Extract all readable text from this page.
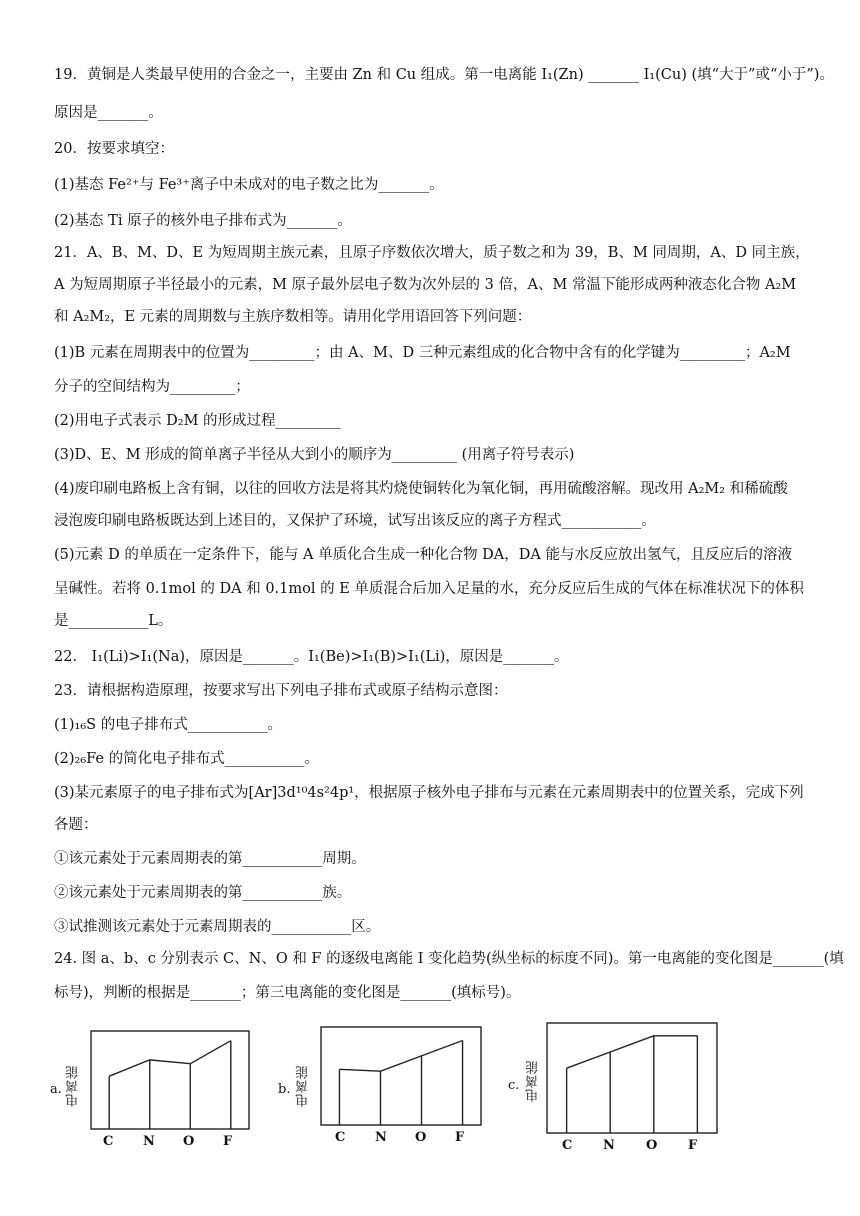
19．黄铜是人类最早使用的合金之一，主要由 Zn 和 Cu 组成。第一电离能 I₁(Zn) _______ I₁(Cu) (填“大于”或“小于”)。
原因是_______。
20．按要求填空：
(1)基态 Fe²⁺与 Fe³⁺离子中未成对的电子数之比为_______。
(2)基态 Ti 原子的核外电子排布式为_______。
21．A、B、M、D、E 为短周期主族元素，且原子序数依次增大，质子数之和为 39，B、M 同周期，A、D 同主族，
A 为短周期原子半径最小的元素，M 原子最外层电子数为次外层的 3 倍，A、M 常温下能形成两种液态化合物 A₂M
和 A₂M₂，E 元素的周期数与主族序数相等。请用化学用语回答下列问题：
(1)B 元素在周期表中的位置为_________；由 A、M、D 三种元素组成的化合物中含有的化学键为_________；A₂M
分子的空间结构为_________；
(2)用电子式表示 D₂M 的形成过程_________
(3)D、E、M 形成的简单离子半径从大到小的顺序为_________ (用离子符号表示)
(4)废印刷电路板上含有铜，以往的回收方法是将其灼烧使铜转化为氧化铜，再用硫酸溶解。现改用 A₂M₂ 和稀硫酸
浸泡废印刷电路板既达到上述目的，又保护了环境，试写出该反应的离子方程式___________。
(5)元素 D 的单质在一定条件下，能与 A 单质化合生成一种化合物 DA，DA 能与水反应放出氢气，且反应后的溶液
呈碱性。若将 0.1mol 的 DA 和 0.1mol 的 E 单质混合后加入足量的水，充分反应后生成的气体在标准状况下的体积
是___________L。
22． I₁(Li)>I₁(Na)，原因是_______。I₁(Be)>I₁(B)>I₁(Li)，原因是_______。
23．请根据构造原理，按要求写出下列电子排布式或原子结构示意图：
(1)₁₆S 的电子排布式___________。
(2)₂₆Fe 的简化电子排布式___________。
(3)某元素原子的电子排布式为[Ar]3d¹⁰4s²4p¹，根据原子核外电子排布与元素在元素周期表中的位置关系，完成下列
各题：
①该元素处于元素周期表的第___________周期。
②该元素处于元素周期表的第___________族。
③试推测该元素处于元素周期表的___________区。
24. 图 a、b、c 分别表示 C、N、O 和 F 的逐级电离能 I 变化趋势(纵坐标的标度不同)。第一电离能的变化图是_______(填
标号)，判断的根据是_______；第三电离能的变化图是_______(填标号)。
a. 电离能
C N O F
b. 电离能
C N O F
c. 电离能
C N O F
